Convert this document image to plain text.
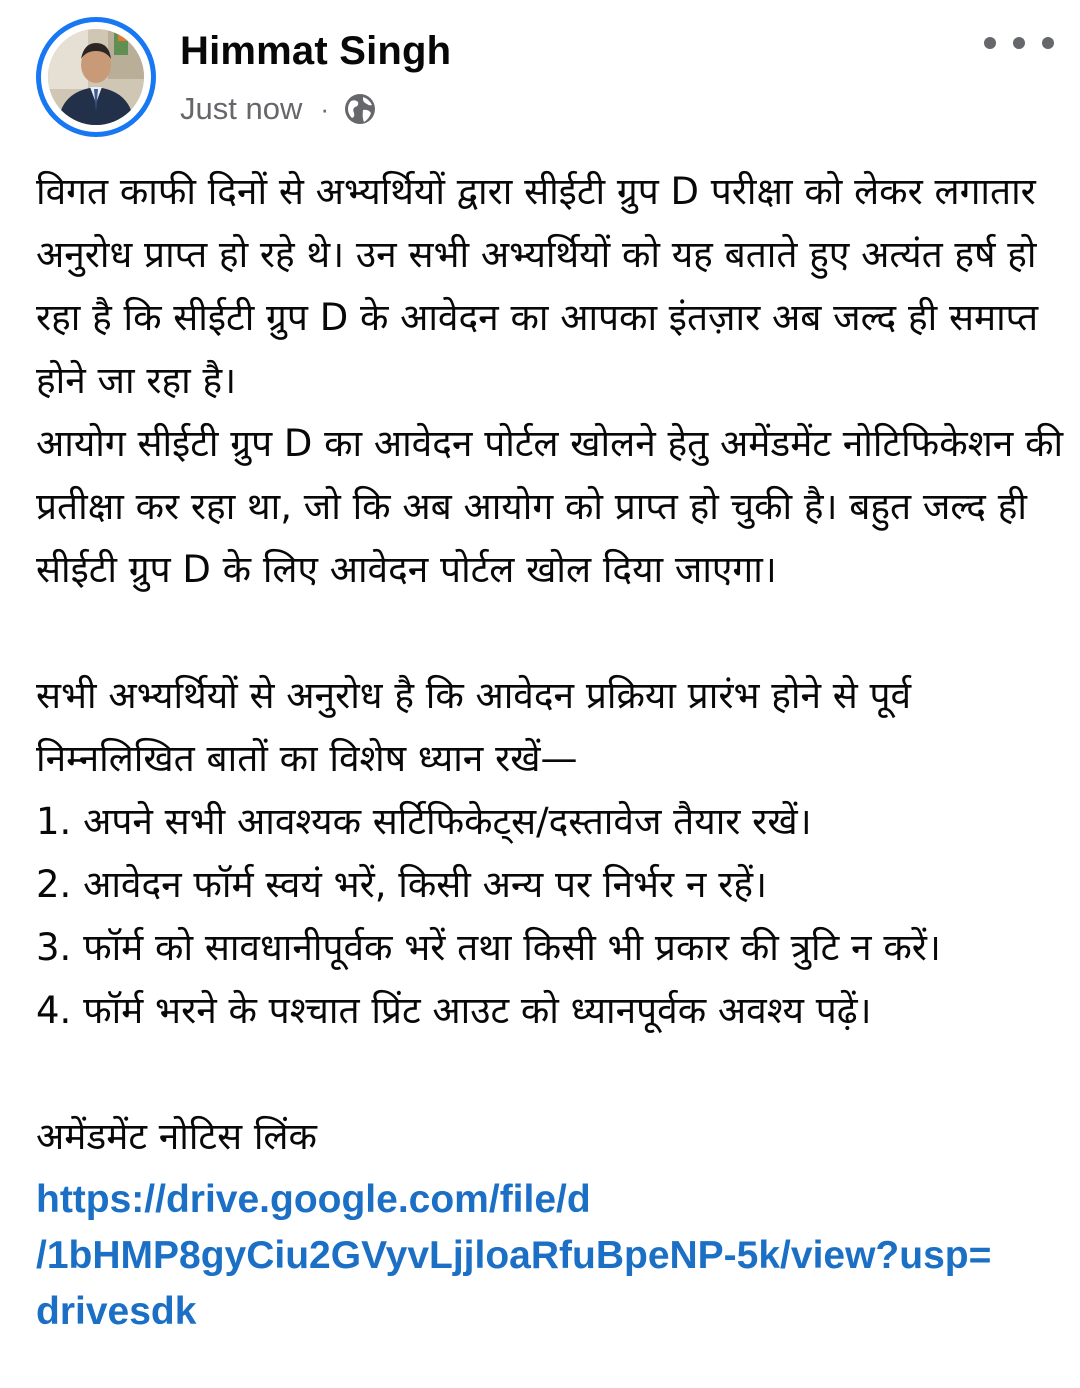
Himmat Singh
Just now ·

विगत काफी दिनों से अभ्यर्थियों द्वारा सीईटी ग्रुप D परीक्षा को लेकर लगातार अनुरोध प्राप्त हो रहे थे। उन सभी अभ्यर्थियों को यह बताते हुए अत्यंत हर्ष हो रहा है कि सीईटी ग्रुप D के आवेदन का आपका इंतज़ार अब जल्द ही समाप्त होने जा रहा है।

आयोग सीईटी ग्रुप D का आवेदन पोर्टल खोलने हेतु अमेंडमेंट नोटिफिकेशन की प्रतीक्षा कर रहा था, जो कि अब आयोग को प्राप्त हो चुकी है। बहुत जल्द ही सीईटी ग्रुप D के लिए आवेदन पोर्टल खोल दिया जाएगा।

सभी अभ्यर्थियों से अनुरोध है कि आवेदन प्रक्रिया प्रारंभ होने से पूर्व निम्नलिखित बातों का विशेष ध्यान रखें—

1. अपने सभी आवश्यक सर्टिफिकेट्स/दस्तावेज तैयार रखें।

2. आवेदन फॉर्म स्वयं भरें, किसी अन्य पर निर्भर न रहें।

3. फॉर्म को सावधानीपूर्वक भरें तथा किसी भी प्रकार की त्रुटि न करें।

4. फॉर्म भरने के पश्चात प्रिंट आउट को ध्यानपूर्वक अवश्य पढ़ें।

अमेंडमेंट नोटिस लिंक

https://drive.google.com/file/d
/1bHMP8gyCiu2GVyvLjjloaRfuBpeNP-5k/view?usp=
drivesdk
